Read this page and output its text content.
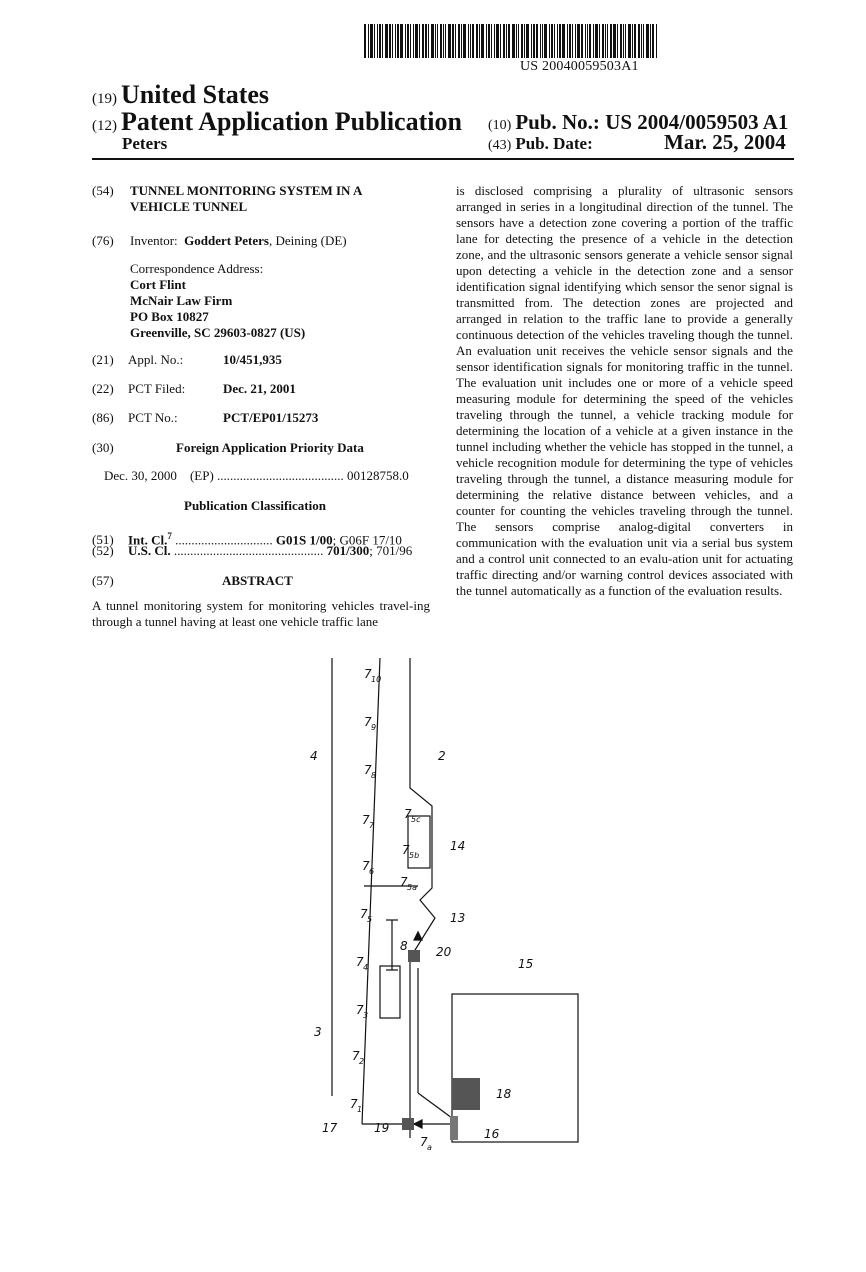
US 20040059503A1
(19) United States
(12) Patent Application Publication (10) Pub. No.: US 2004/0059503 A1
Peters	(43) Pub. Date:	Mar. 25, 2004
(54)	TUNNEL MONITORING SYSTEM IN A
VEHICLE TUNNEL
(76)	Inventor: Goddert Peters, Deining (DE)
Correspondence Address:
Cort Flint
McNair Law Firm
PO Box 10827
Greenville, SC 29603-0827 (US)
(21) Appl. No.:	10/451,935
(22) PCT Filed:	Dec. 21, 2001
(86) PCT No.:	PCT/EP01/15273
(30)	Foreign Application Priority Data
Dec. 30, 2000 (EP) ....................................... 00128758.0
Publication Classification
(51) Int. Cl.$^7$ .............................. G01S 1/00; G06F 17/10
(52) U.S. Cl. .............................................. 701/300; 701/96
(57)	ABSTRACT
A tunnel monitoring system for monitoring vehicles travel-ing through a tunnel having at least one vehicle traffic lane
is disclosed comprising a plurality of ultrasonic sensors arranged in series in a longitudinal direction of the tunnel. The sensors have a detection zone covering a portion of the traffic lane for detecting the presence of a vehicle in the detection zone, and the ultrasonic sensors generate a vehicle sensor signal upon detecting a vehicle in the detection zone and a sensor identification signal identifying which sensor the senor signal is transmitted from. The detection zones are projected and arranged in relation to the traffic lane to provide a generally continuous detection of the vehicles traveling though the tunnel. An evaluation unit receives the vehicle sensor signals and the sensor identification signals for monitoring traffic in the tunnel. The evaluation unit includes one or more of a vehicle speed measuring module for determining the speed of the vehicles traveling through the tunnel, a vehicle tracking module for determining the location of a vehicle at a given instance in the tunnel including whether the vehicle has stopped in the tunnel, a vehicle recognition module for determining the type of vehicles traveling through the tunnel, a distance measuring module for determining the relative distance between vehicles, and a counter for counting the vehicles traveling through the tunnel. The sensors comprise analog-digital converters in communication with the evaluation unit via a serial bus system and a control unit connected to an evalu-ation unit for actuating traffic directing and/or warning control devices associated with the tunnel automatically as a function of the evaluation results.
7 10
7 9
7 8
7 7
7 6
7 5
7 4
7 3
7 2
7 1
7 5c
7 5b
7 5a
7 a
2
3
4
8
13
14
15
16
17
18
19
20
